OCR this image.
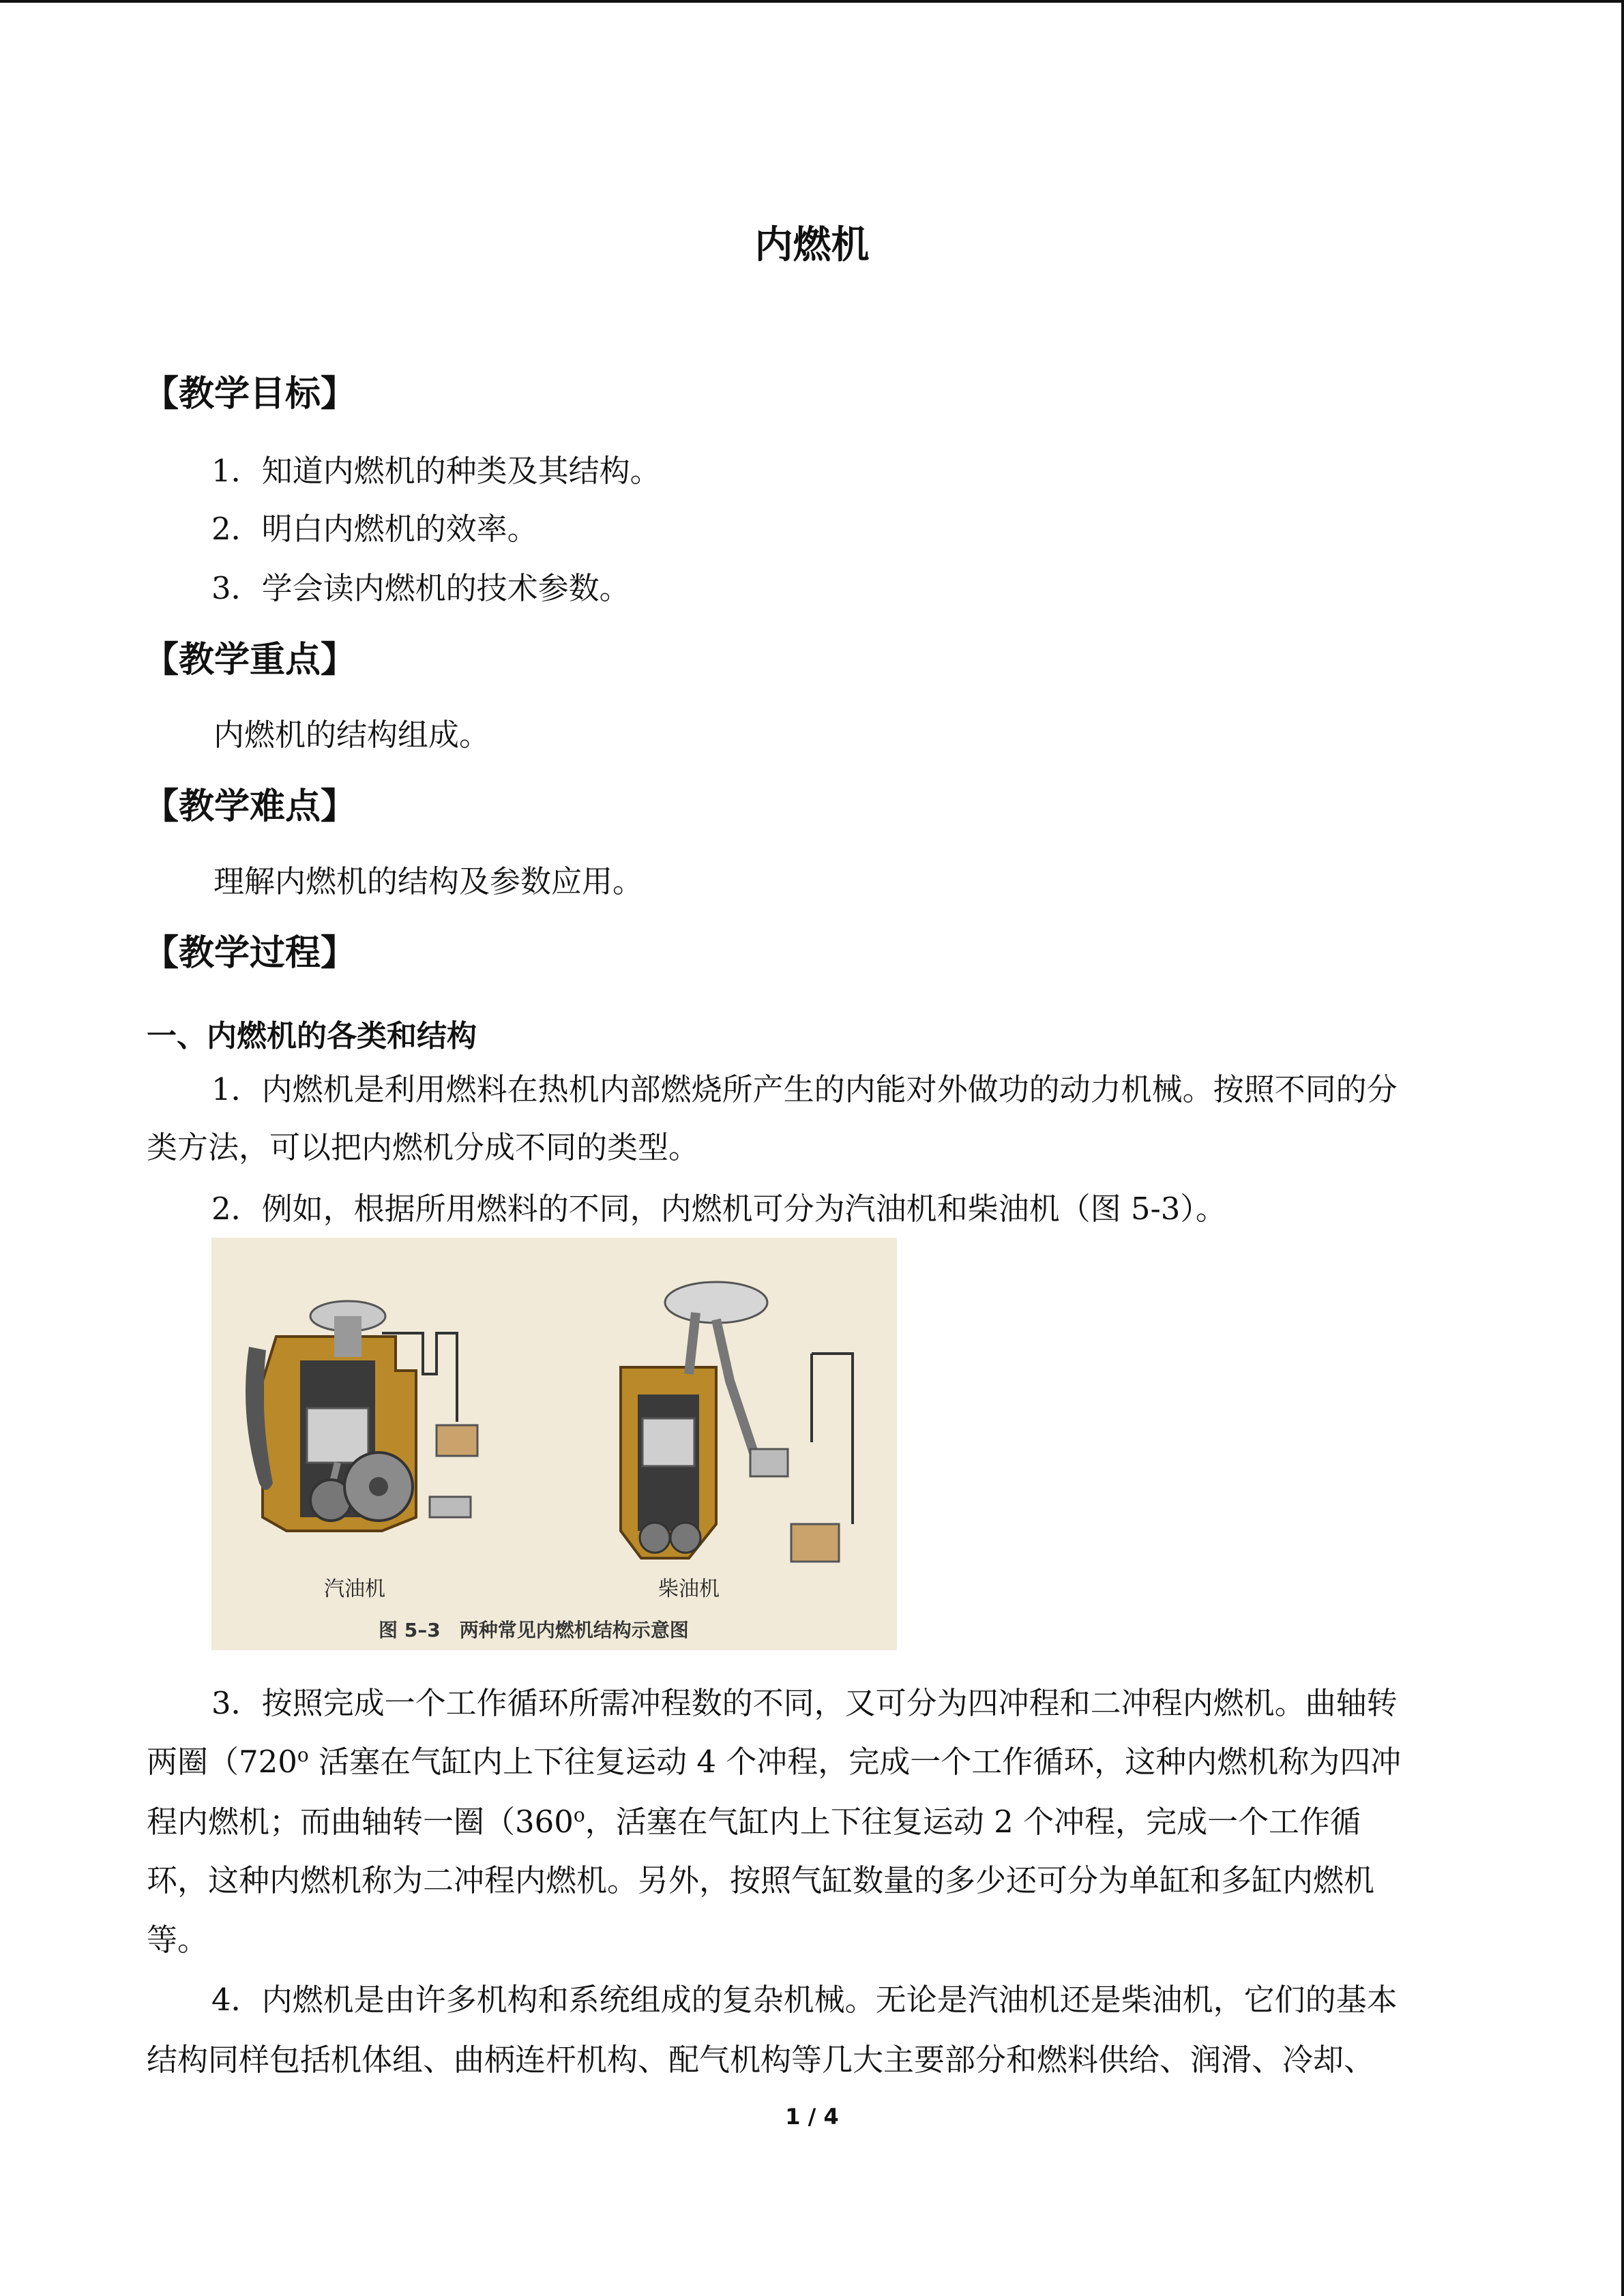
内燃机
【教学目标】
1．知道内燃机的种类及其结构。
2．明白内燃机的效率。
3．学会读内燃机的技术参数。
【教学重点】
内燃机的结构组成。
【教学难点】
理解内燃机的结构及参数应用。
【教学过程】
一、内燃机的各类和结构
1．内燃机是利用燃料在热机内部燃烧所产生的内能对外做功的动力机械。按照不同的分
类方法，可以把内燃机分成不同的类型。
2．例如，根据所用燃料的不同，内燃机可分为汽油机和柴油机（图 5-3）。
汽油机	柴油机
图 5–3　两种常见内燃机结构示意图
3．按照完成一个工作循环所需冲程数的不同，又可分为四冲程和二冲程内燃机。曲轴转
两圈（720$^o$ 活塞在气缸内上下往复运动 4 个冲程，完成一个工作循环，这种内燃机称为四冲
程内燃机；而曲轴转一圈（360$^o$，活塞在气缸内上下往复运动 2 个冲程，完成一个工作循
环，这种内燃机称为二冲程内燃机。另外，按照气缸数量的多少还可分为单缸和多缸内燃机
等。
4．内燃机是由许多机构和系统组成的复杂机械。无论是汽油机还是柴油机，它们的基本
结构同样包括机体组、曲柄连杆机构、配气机构等几大主要部分和燃料供给、润滑、冷却、
1 / 4
